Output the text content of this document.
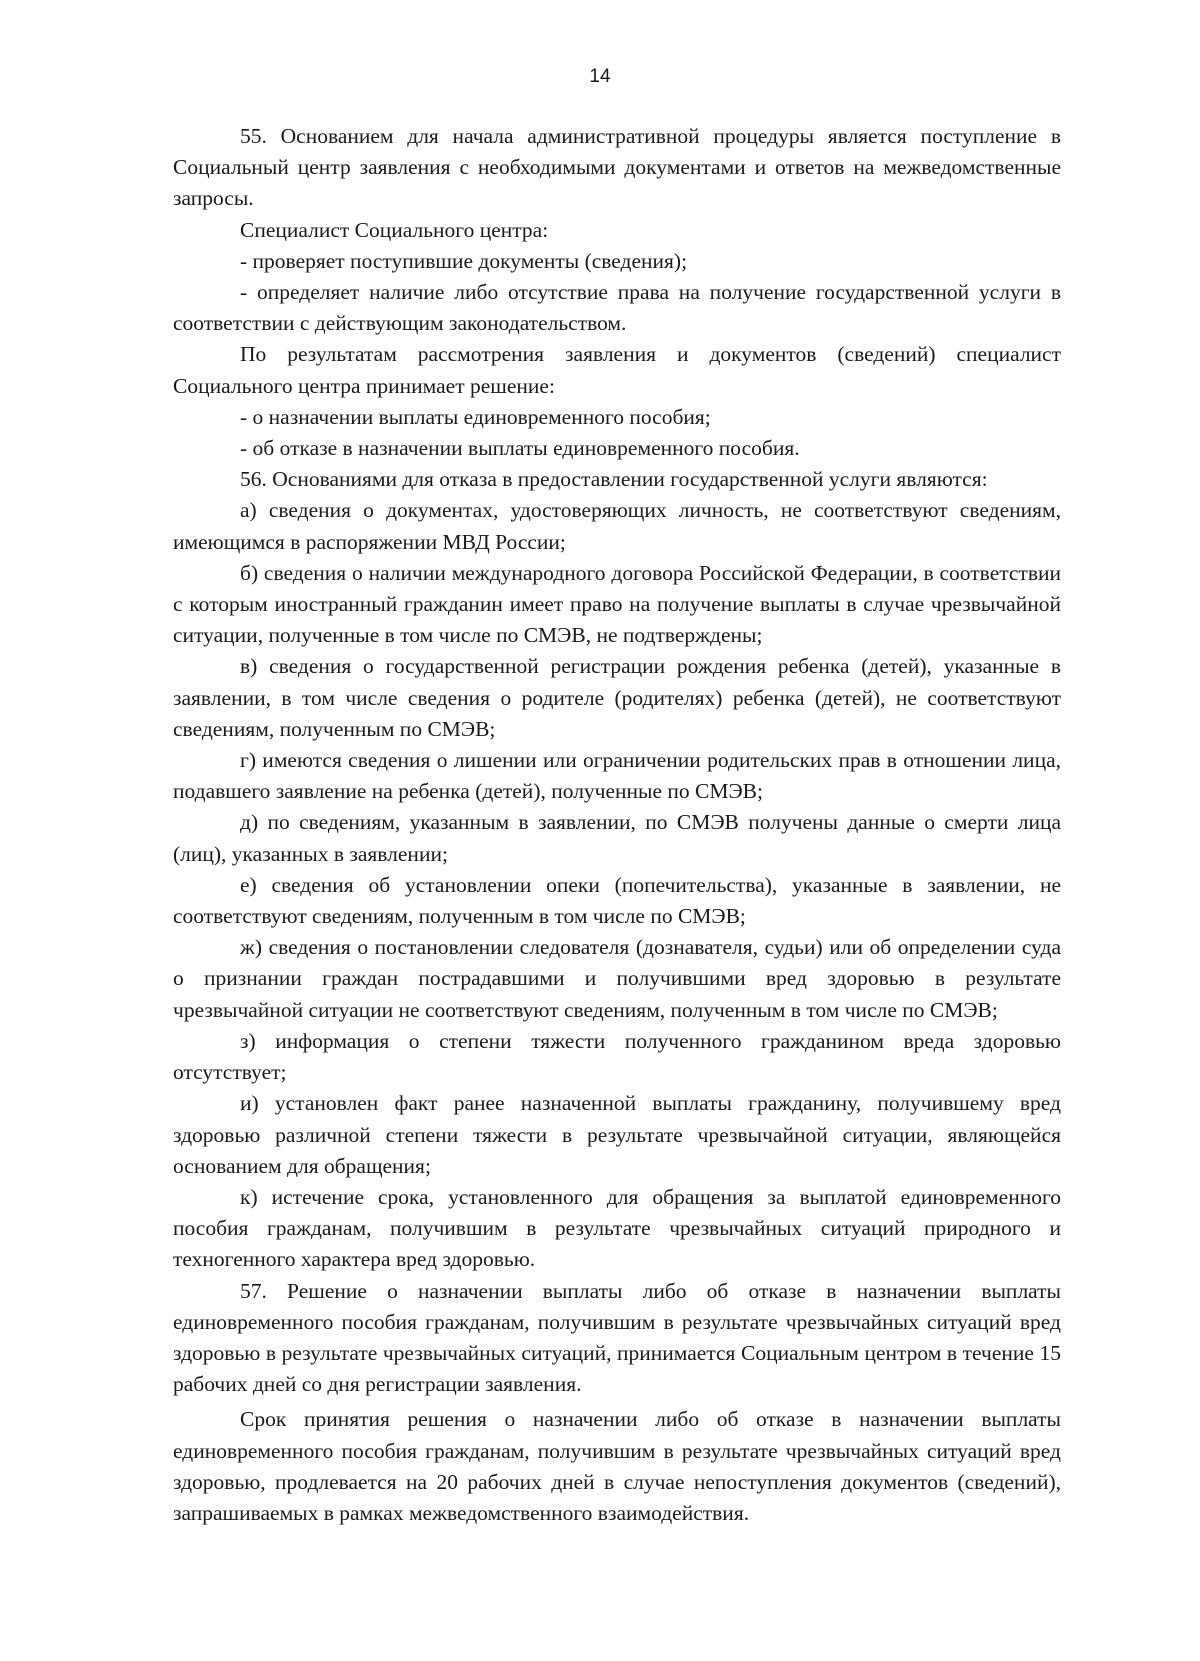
14

55. Основанием для начала административной процедуры является поступление в Социальный центр заявления с необходимыми документами и ответов на межведомственные запросы.

Специалист Социального центра:

- проверяет поступившие документы (сведения);

- определяет наличие либо отсутствие права на получение государственной услуги в соответствии с действующим законодательством.

По результатам рассмотрения заявления и документов (сведений) специалист Социального центра принимает решение:

- о назначении выплаты единовременного пособия;

- об отказе в назначении выплаты единовременного пособия.

56. Основаниями для отказа в предоставлении государственной услуги являются:

а) сведения о документах, удостоверяющих личность, не соответствуют сведениям, имеющимся в распоряжении МВД России;

б) сведения о наличии международного договора Российской Федерации, в соответствии с которым иностранный гражданин имеет право на получение выплаты в случае чрезвычайной ситуации, полученные в том числе по СМЭВ, не подтверждены;

в) сведения о государственной регистрации рождения ребенка (детей), указанные в заявлении, в том числе сведения о родителе (родителях) ребенка (детей), не соответствуют сведениям, полученным по СМЭВ;

г) имеются сведения о лишении или ограничении родительских прав в отношении лица, подавшего заявление на ребенка (детей), полученные по СМЭВ;

д) по сведениям, указанным в заявлении, по СМЭВ получены данные о смерти лица (лиц), указанных в заявлении;

е) сведения об установлении опеки (попечительства), указанные в заявлении, не соответствуют сведениям, полученным в том числе по СМЭВ;

ж) сведения о постановлении следователя (дознавателя, судьи) или об определении суда о признании граждан пострадавшими и получившими вред здоровью в результате чрезвычайной ситуации не соответствуют сведениям, полученным в том числе по СМЭВ;

з) информация о степени тяжести полученного гражданином вреда здоровью отсутствует;

и) установлен факт ранее назначенной выплаты гражданину, получившему вред здоровью различной степени тяжести в результате чрезвычайной ситуации, являющейся основанием для обращения;

к) истечение срока, установленного для обращения за выплатой единовременного пособия гражданам, получившим в результате чрезвычайных ситуаций природного и техногенного характера вред здоровью.

57. Решение о назначении выплаты либо об отказе в назначении выплаты единовременного пособия гражданам, получившим в результате чрезвычайных ситуаций вред здоровью в результате чрезвычайных ситуаций, принимается Социальным центром в течение 15 рабочих дней со дня регистрации заявления.

Срок принятия решения о назначении либо об отказе в назначении выплаты единовременного пособия гражданам, получившим в результате чрезвычайных ситуаций вред здоровью, продлевается на 20 рабочих дней в случае непоступления документов (сведений), запрашиваемых в рамках межведомственного взаимодействия.
